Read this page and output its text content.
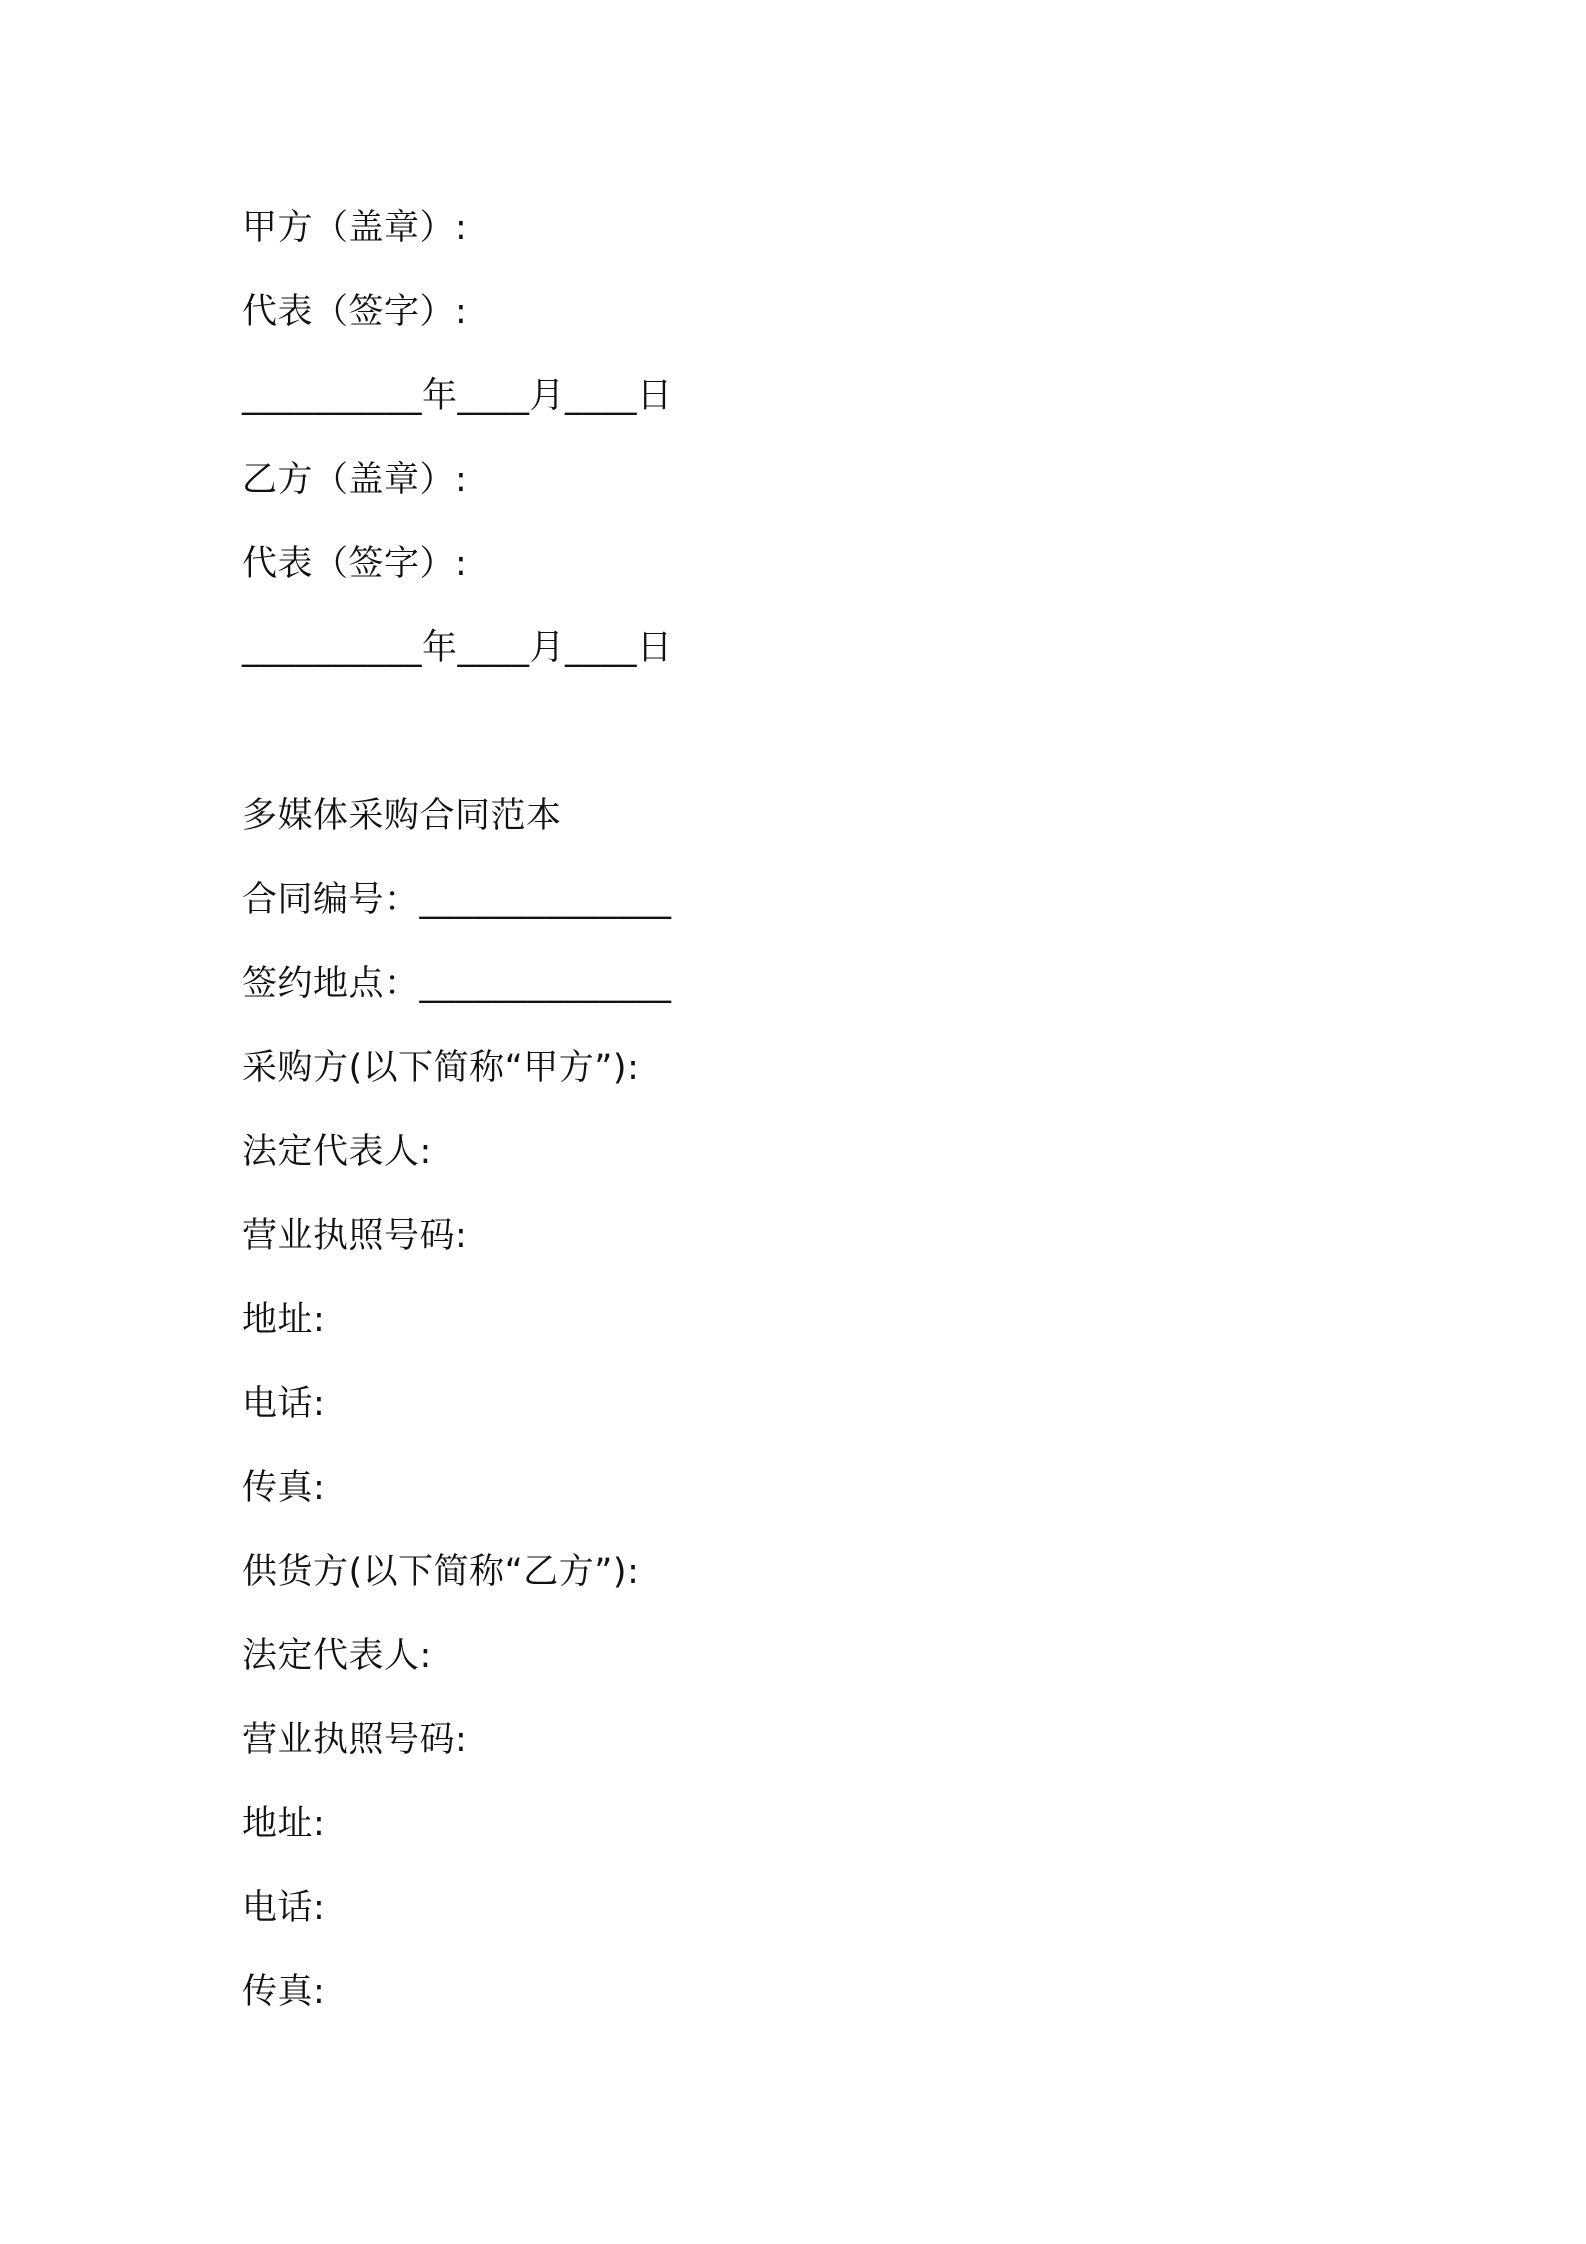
甲方（盖章）:
代表（签字）:
__________年____月____日
乙方（盖章）:
代表（签字）:
__________年____月____日
多媒体采购合同范本
合同编号：______________
签约地点：______________
采购方(以下简称“甲方”):
法定代表人:
营业执照号码:
地址:
电话:
传真:
供货方(以下简称“乙方”):
法定代表人:
营业执照号码:
地址:
电话:
传真:
